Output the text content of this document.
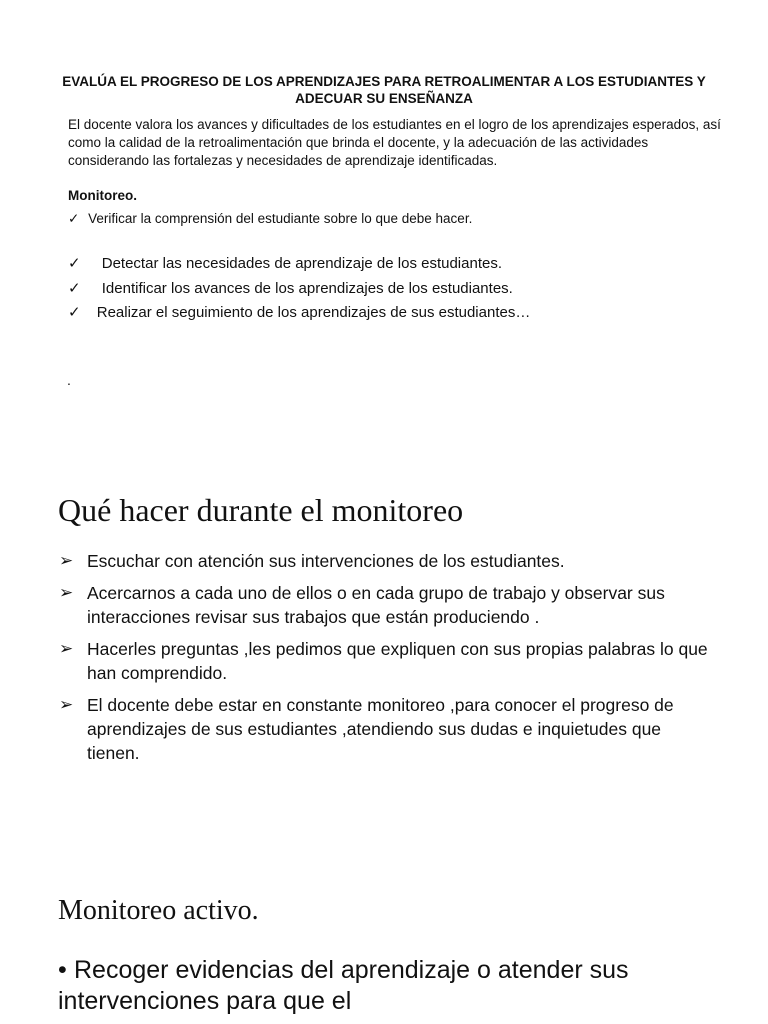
EVALÚA EL PROGRESO DE LOS APRENDIZAJES PARA RETROALIMENTAR A LOS ESTUDIANTES Y ADECUAR SU ENSEÑANZA
El docente valora los avances y dificultades de los estudiantes en el logro de los aprendizajes esperados, así como la calidad de la retroalimentación que brinda el docente, y la adecuación de las actividades considerando las fortalezas y necesidades de aprendizaje identificadas.
Monitoreo.
✓ Verificar la comprensión del estudiante sobre lo que debe hacer.
✓ Detectar las necesidades de aprendizaje de los estudiantes.
✓ Identificar los avances de los aprendizajes de los estudiantes.
✓ Realizar el seguimiento de los aprendizajes de sus estudiantes…
.
Qué hacer durante el monitoreo
➢ Escuchar con atención sus intervenciones de los estudiantes.
➢ Acercarnos a cada uno de ellos o en cada grupo de trabajo y observar sus interacciones revisar sus trabajos que están produciendo .
➢ Hacerles preguntas ,les pedimos que expliquen con sus propias palabras lo que han comprendido.
➢ El docente debe estar en constante monitoreo ,para conocer el progreso de aprendizajes de sus estudiantes ,atendiendo sus dudas e inquietudes que tienen.
Monitoreo activo.
• Recoger evidencias del aprendizaje o atender sus intervenciones para que el
